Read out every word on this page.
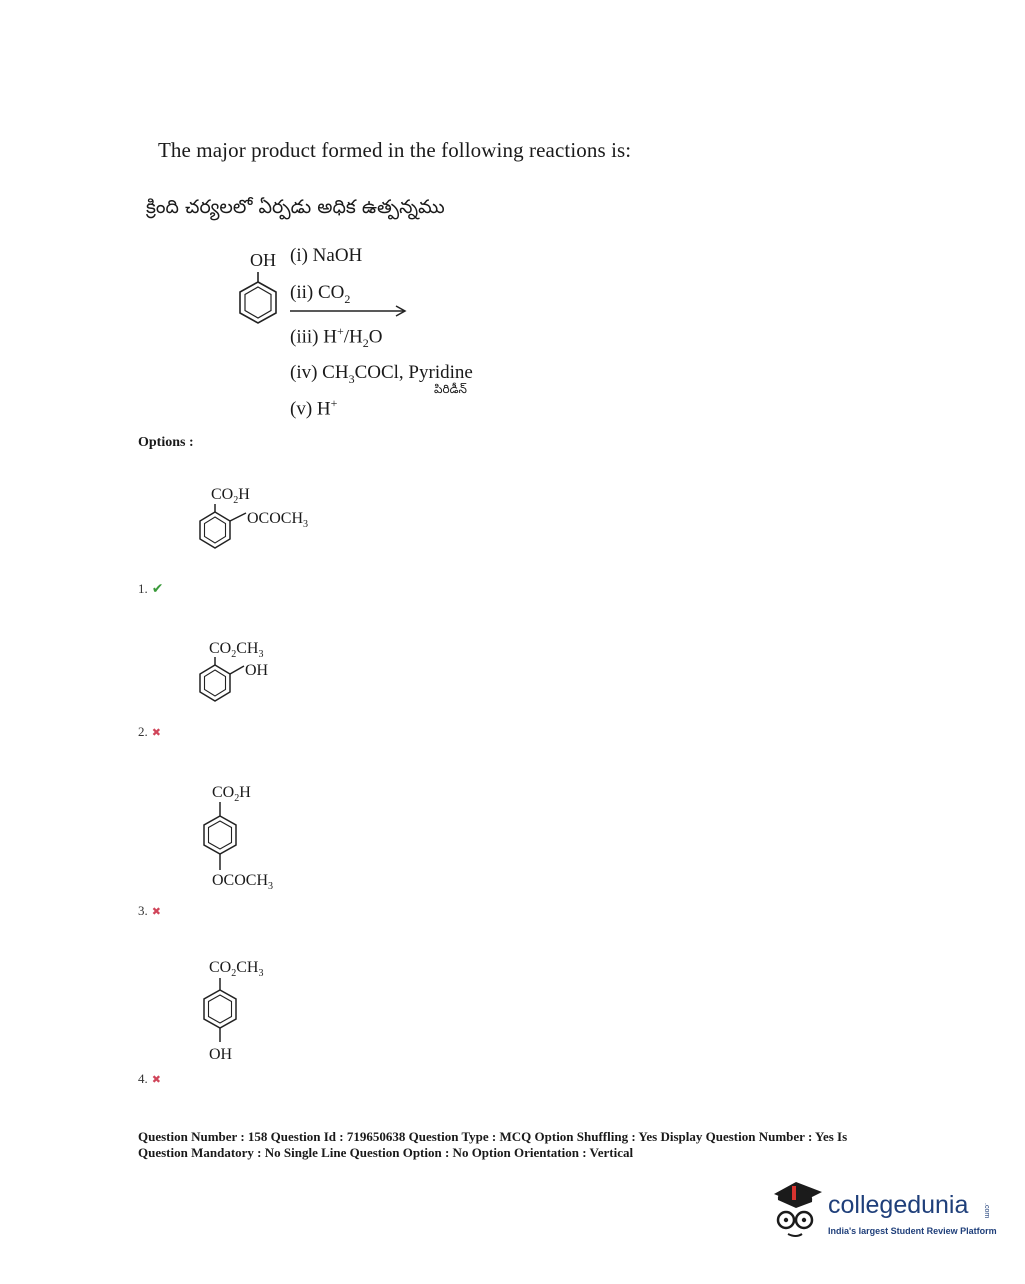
The major product formed in the following reactions is:
క్రింది చర్యలలో ఏర్పడు అధిక ఉత్పన్నము
OH (i) NaOH
(ii) $CO_2$
(iii) $H^+/H_2O$
(iv) $CH_3COCl$, Pyridine
పిరిడీన్
(v) H+
Options :
$CO_2H$
$OCOCH_3$
1. ✔
$CO_2CH_3$
OH
2. ✖
$CO_2H$
$OCOCH_3$
3. ✖
$CO_2CH_3$
OH
4. ✖
Question Number : 158 Question Id : 719650638 Question Type : MCQ Option Shuffling : Yes Display Question Number : Yes Is
Question Mandatory : No Single Line Question Option : No Option Orientation : Vertical
collegedunia .com
India's largest Student Review Platform
